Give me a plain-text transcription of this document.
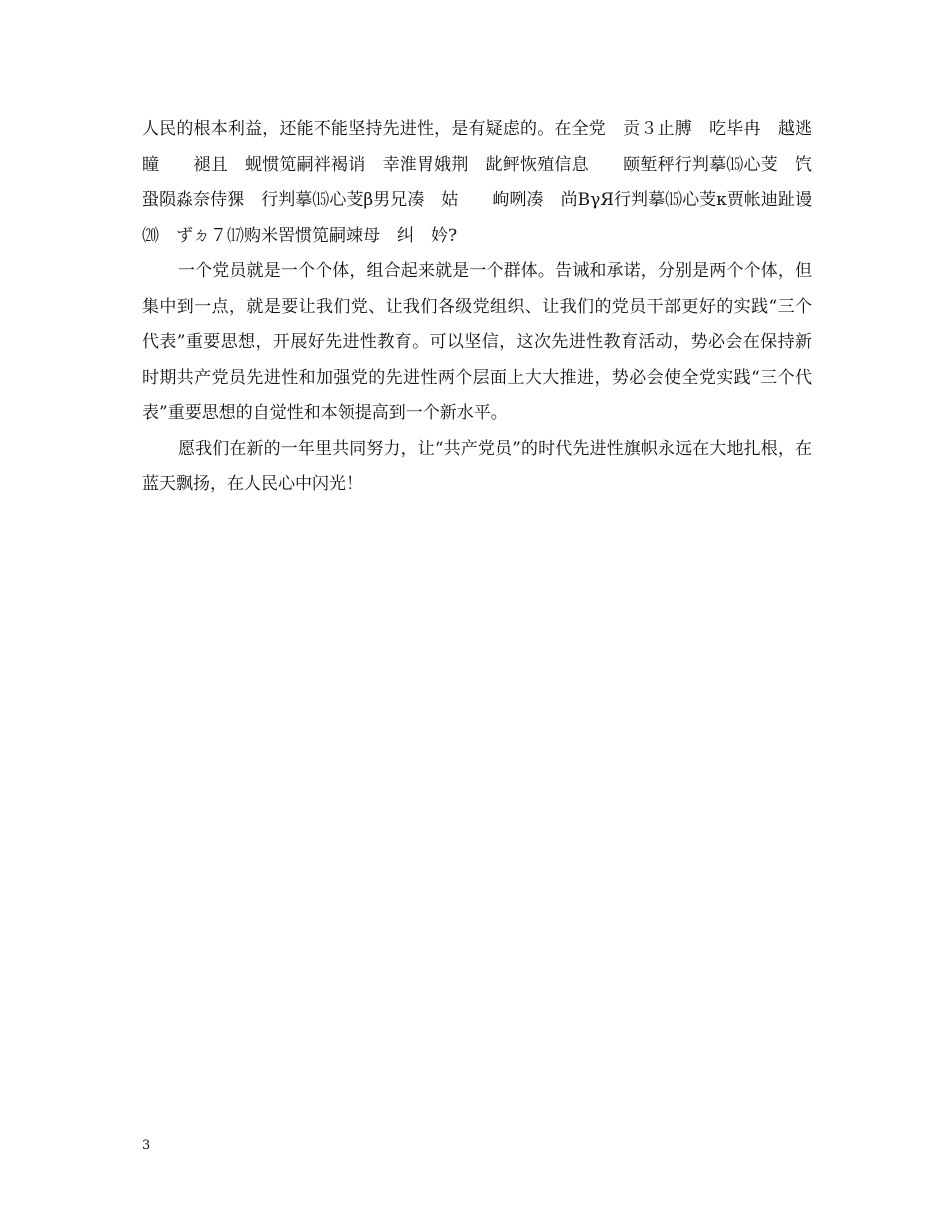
人民的根本利益，还能不能坚持先进性，是有疑虑的。在全党　贡３止膊　吃毕冉　越逃　瞳　　褪且　蚬惯笕嗣袢褐诮　幸淮胃娥荆　龀鲆恢殖信息　　颐堑秤行判摹⒂心芰　饩蛩陨淼奈侍猓　行判摹⒂心芰β男兄凑　姑　　岣咧凑　尚ВγЯ行判摹⒂心芰κ贾帐迪趾谩⒇　ずㄉ７⒄购米罟惯笕嗣竦母　纠　妗?

一个党员就是一个个体，组合起来就是一个群体。告诫和承诺，分别是两个个体，但集中到一点，就是要让我们党、让我们各级党组织、让我们的党员干部更好的实践“三个代表”重要思想，开展好先进性教育。可以坚信，这次先进性教育活动，势必会在保持新时期共产党员先进性和加强党的先进性两个层面上大大推进，势必会使全党实践“三个代表”重要思想的自觉性和本领提高到一个新水平。

愿我们在新的一年里共同努力，让“共产党员”的时代先进性旗帜永远在大地扎根，在蓝天飘扬，在人民心中闪光！

3
